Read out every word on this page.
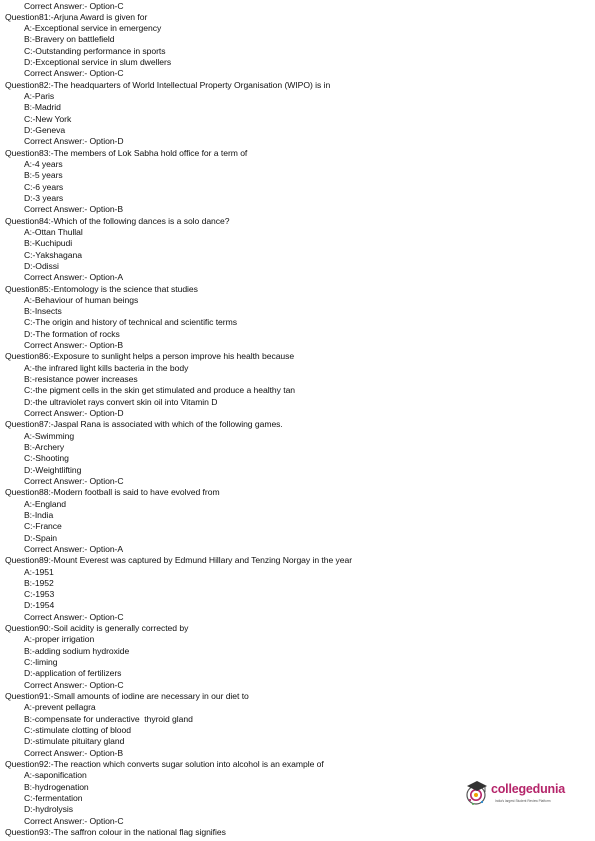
Correct Answer:- Option-C
Question81:-Arjuna Award is given for
A:-Exceptional service in emergency
B:-Bravery on battlefield
C:-Outstanding performance in sports
D:-Exceptional service in slum dwellers
Correct Answer:- Option-C
Question82:-The headquarters of World Intellectual Property Organisation (WIPO) is in
A:-Paris
B:-Madrid
C:-New York
D:-Geneva
Correct Answer:- Option-D
Question83:-The members of Lok Sabha hold office for a term of
A:-4 years
B:-5 years
C:-6 years
D:-3 years
Correct Answer:- Option-B
Question84:-Which of the following dances is a solo dance?
A:-Ottan Thullal
B:-Kuchipudi
C:-Yakshagana
D:-Odissi
Correct Answer:- Option-A
Question85:-Entomology is the science that studies
A:-Behaviour of human beings
B:-Insects
C:-The origin and history of technical and scientific terms
D:-The formation of rocks
Correct Answer:- Option-B
Question86:-Exposure to sunlight helps a person improve his health because
A:-the infrared light kills bacteria in the body
B:-resistance power increases
C:-the pigment cells in the skin get stimulated and produce a healthy tan
D:-the ultraviolet rays convert skin oil into Vitamin D
Correct Answer:- Option-D
Question87:-Jaspal Rana is associated with which of the following games.
A:-Swimming
B:-Archery
C:-Shooting
D:-Weightlifting
Correct Answer:- Option-C
Question88:-Modern football is said to have evolved from
A:-England
B:-India
C:-France
D:-Spain
Correct Answer:- Option-A
Question89:-Mount Everest was captured by Edmund Hillary and Tenzing Norgay in the year
A:-1951
B:-1952
C:-1953
D:-1954
Correct Answer:- Option-C
Question90:-Soil acidity is generally corrected by
A:-proper irrigation
B:-adding sodium hydroxide
C:-liming
D:-application of fertilizers
Correct Answer:- Option-C
Question91:-Small amounts of iodine are necessary in our diet to
A:-prevent pellagra
B:-compensate for underactive  thyroid gland
C:-stimulate clotting of blood
D:-stimulate pituitary gland
Correct Answer:- Option-B
Question92:-The reaction which converts sugar solution into alcohol is an example of
A:-saponification
B:-hydrogenation
C:-fermentation
D:-hydrolysis
Correct Answer:- Option-C
Question93:-The saffron colour in the national flag signifies
collegedunia
India's largest Student Review Platform
